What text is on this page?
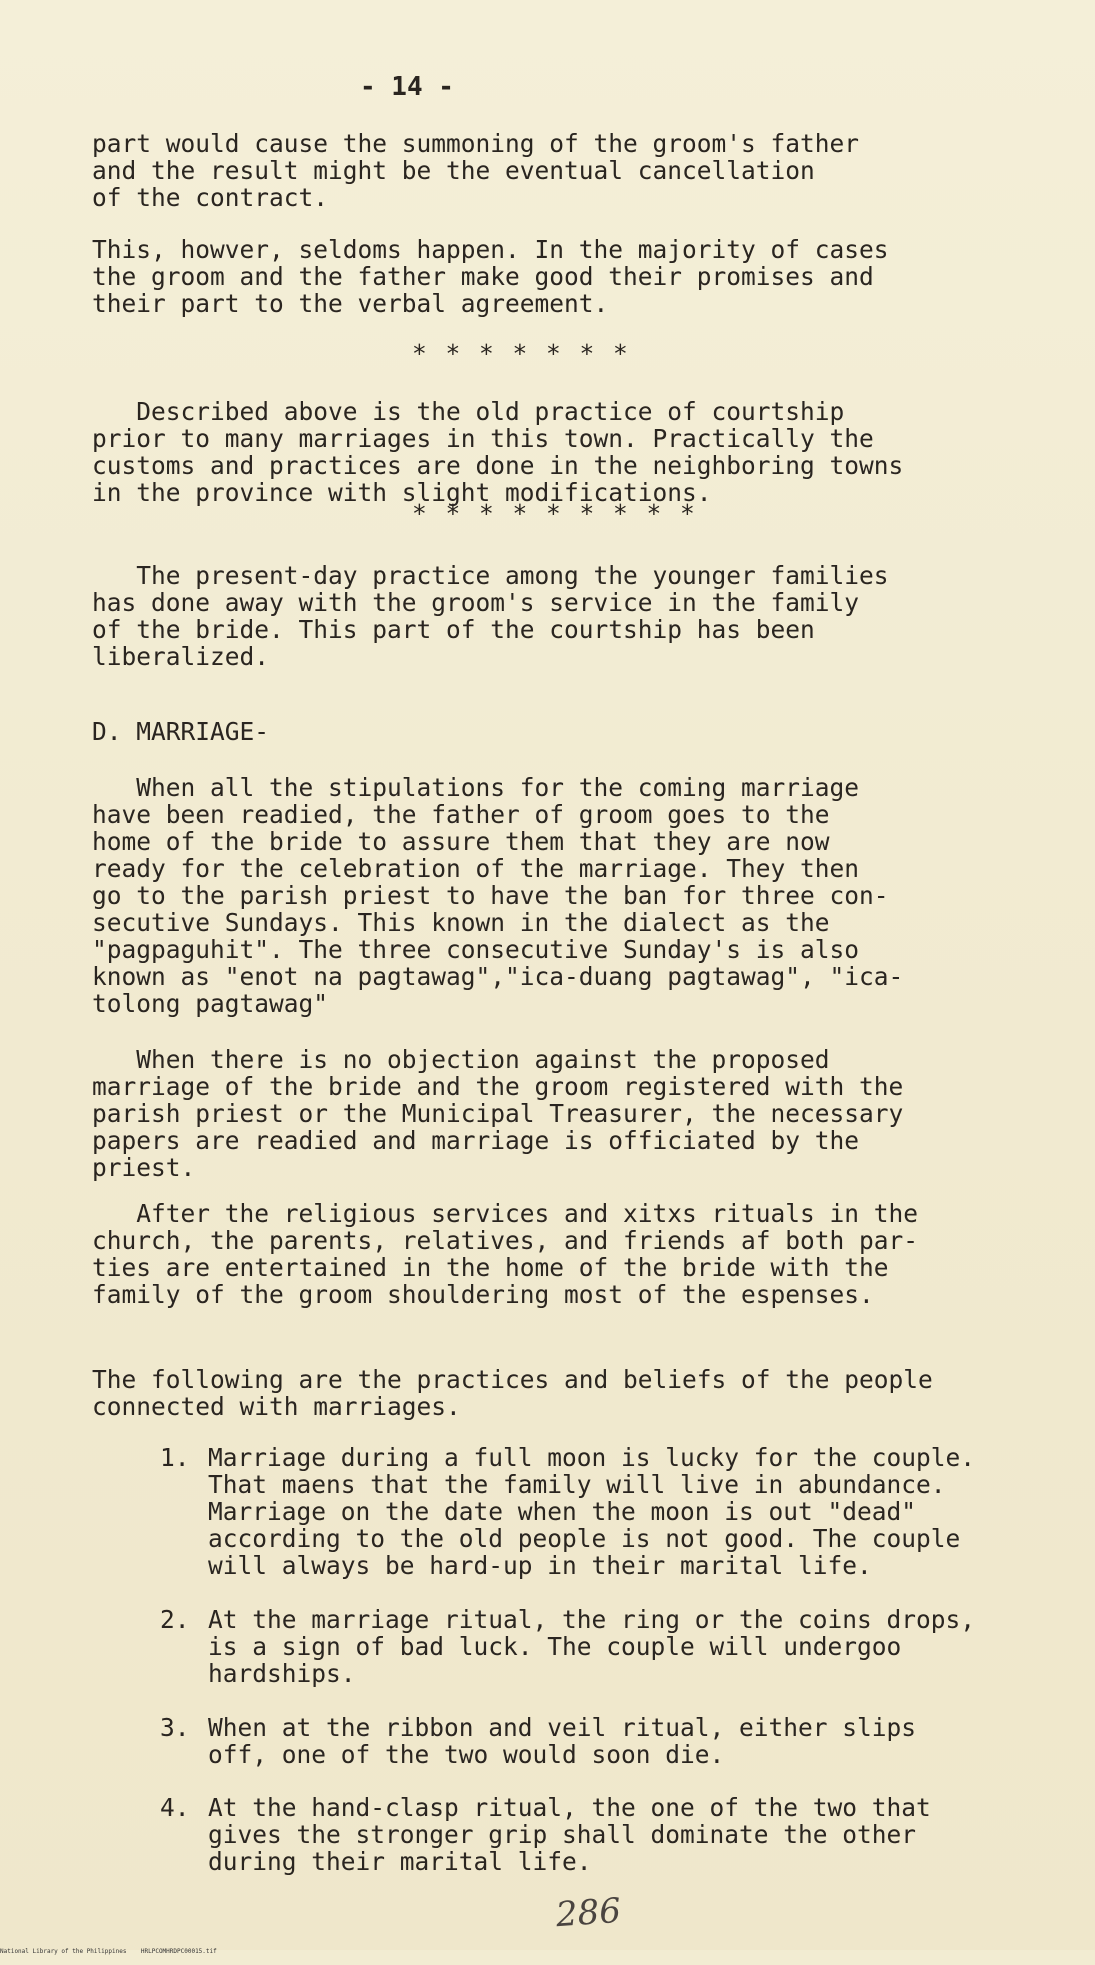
- 14 -
part would cause the summoning of the groom's father
and the result might be the eventual cancellation
of the contract.
This, howver, seldoms happen. In the majority of cases
the groom and the father make good their promises and
their part to the verbal agreement.
* * * * * * *
Described above is the old practice of courtship
prior to many marriages in this town. Practically the
customs and practices are done in the neighboring towns
in the province with slight modifications.
* * * * * * * * *
The present-day practice among the younger families
has done away with the groom's service in the family
of the bride. This part of the courtship has been
liberalized.
D. MARRIAGE-
When all the stipulations for the coming marriage
have been readied, the father of groom goes to the
home of the bride to assure them that they are now
ready for the celebration of the marriage. They then
go to the parish priest to have the ban for three con-
secutive Sundays. This known in the dialect as the
"pagpaguhit". The three consecutive Sunday's is also
known as "enot na pagtawag","ica-duang pagtawag", "ica-
tolong pagtawag"
When there is no objection against the proposed
marriage of the bride and the groom registered with the
parish priest or the Municipal Treasurer, the necessary
papers are readied and marriage is officiated by the
priest.
After the religious services and xitxs rituals in the
church, the parents, relatives, and friends af both par-
ties are entertained in the home of the bride with the
family of the groom shouldering most of the espenses.
The following are the practices and beliefs of the people
connected with marriages.
1. Marriage during a full moon is lucky for the couple.
That maens that the family will live in abundance.
Marriage on the date when the moon is out "dead"
according to the old people is not good. The couple
will always be hard-up in their marital life.
2. At the marriage ritual, the ring or the coins drops,
is a sign of bad luck. The couple will undergoo
hardships.
3. When at the ribbon and veil ritual, either slips
off, one of the two would soon die.
4. At the hand-clasp ritual, the one of the two that
gives the stronger grip shall dominate the other
during their marital life.
286
National Library of the Philippines    HRLPCOMHRDPC00015.tif
